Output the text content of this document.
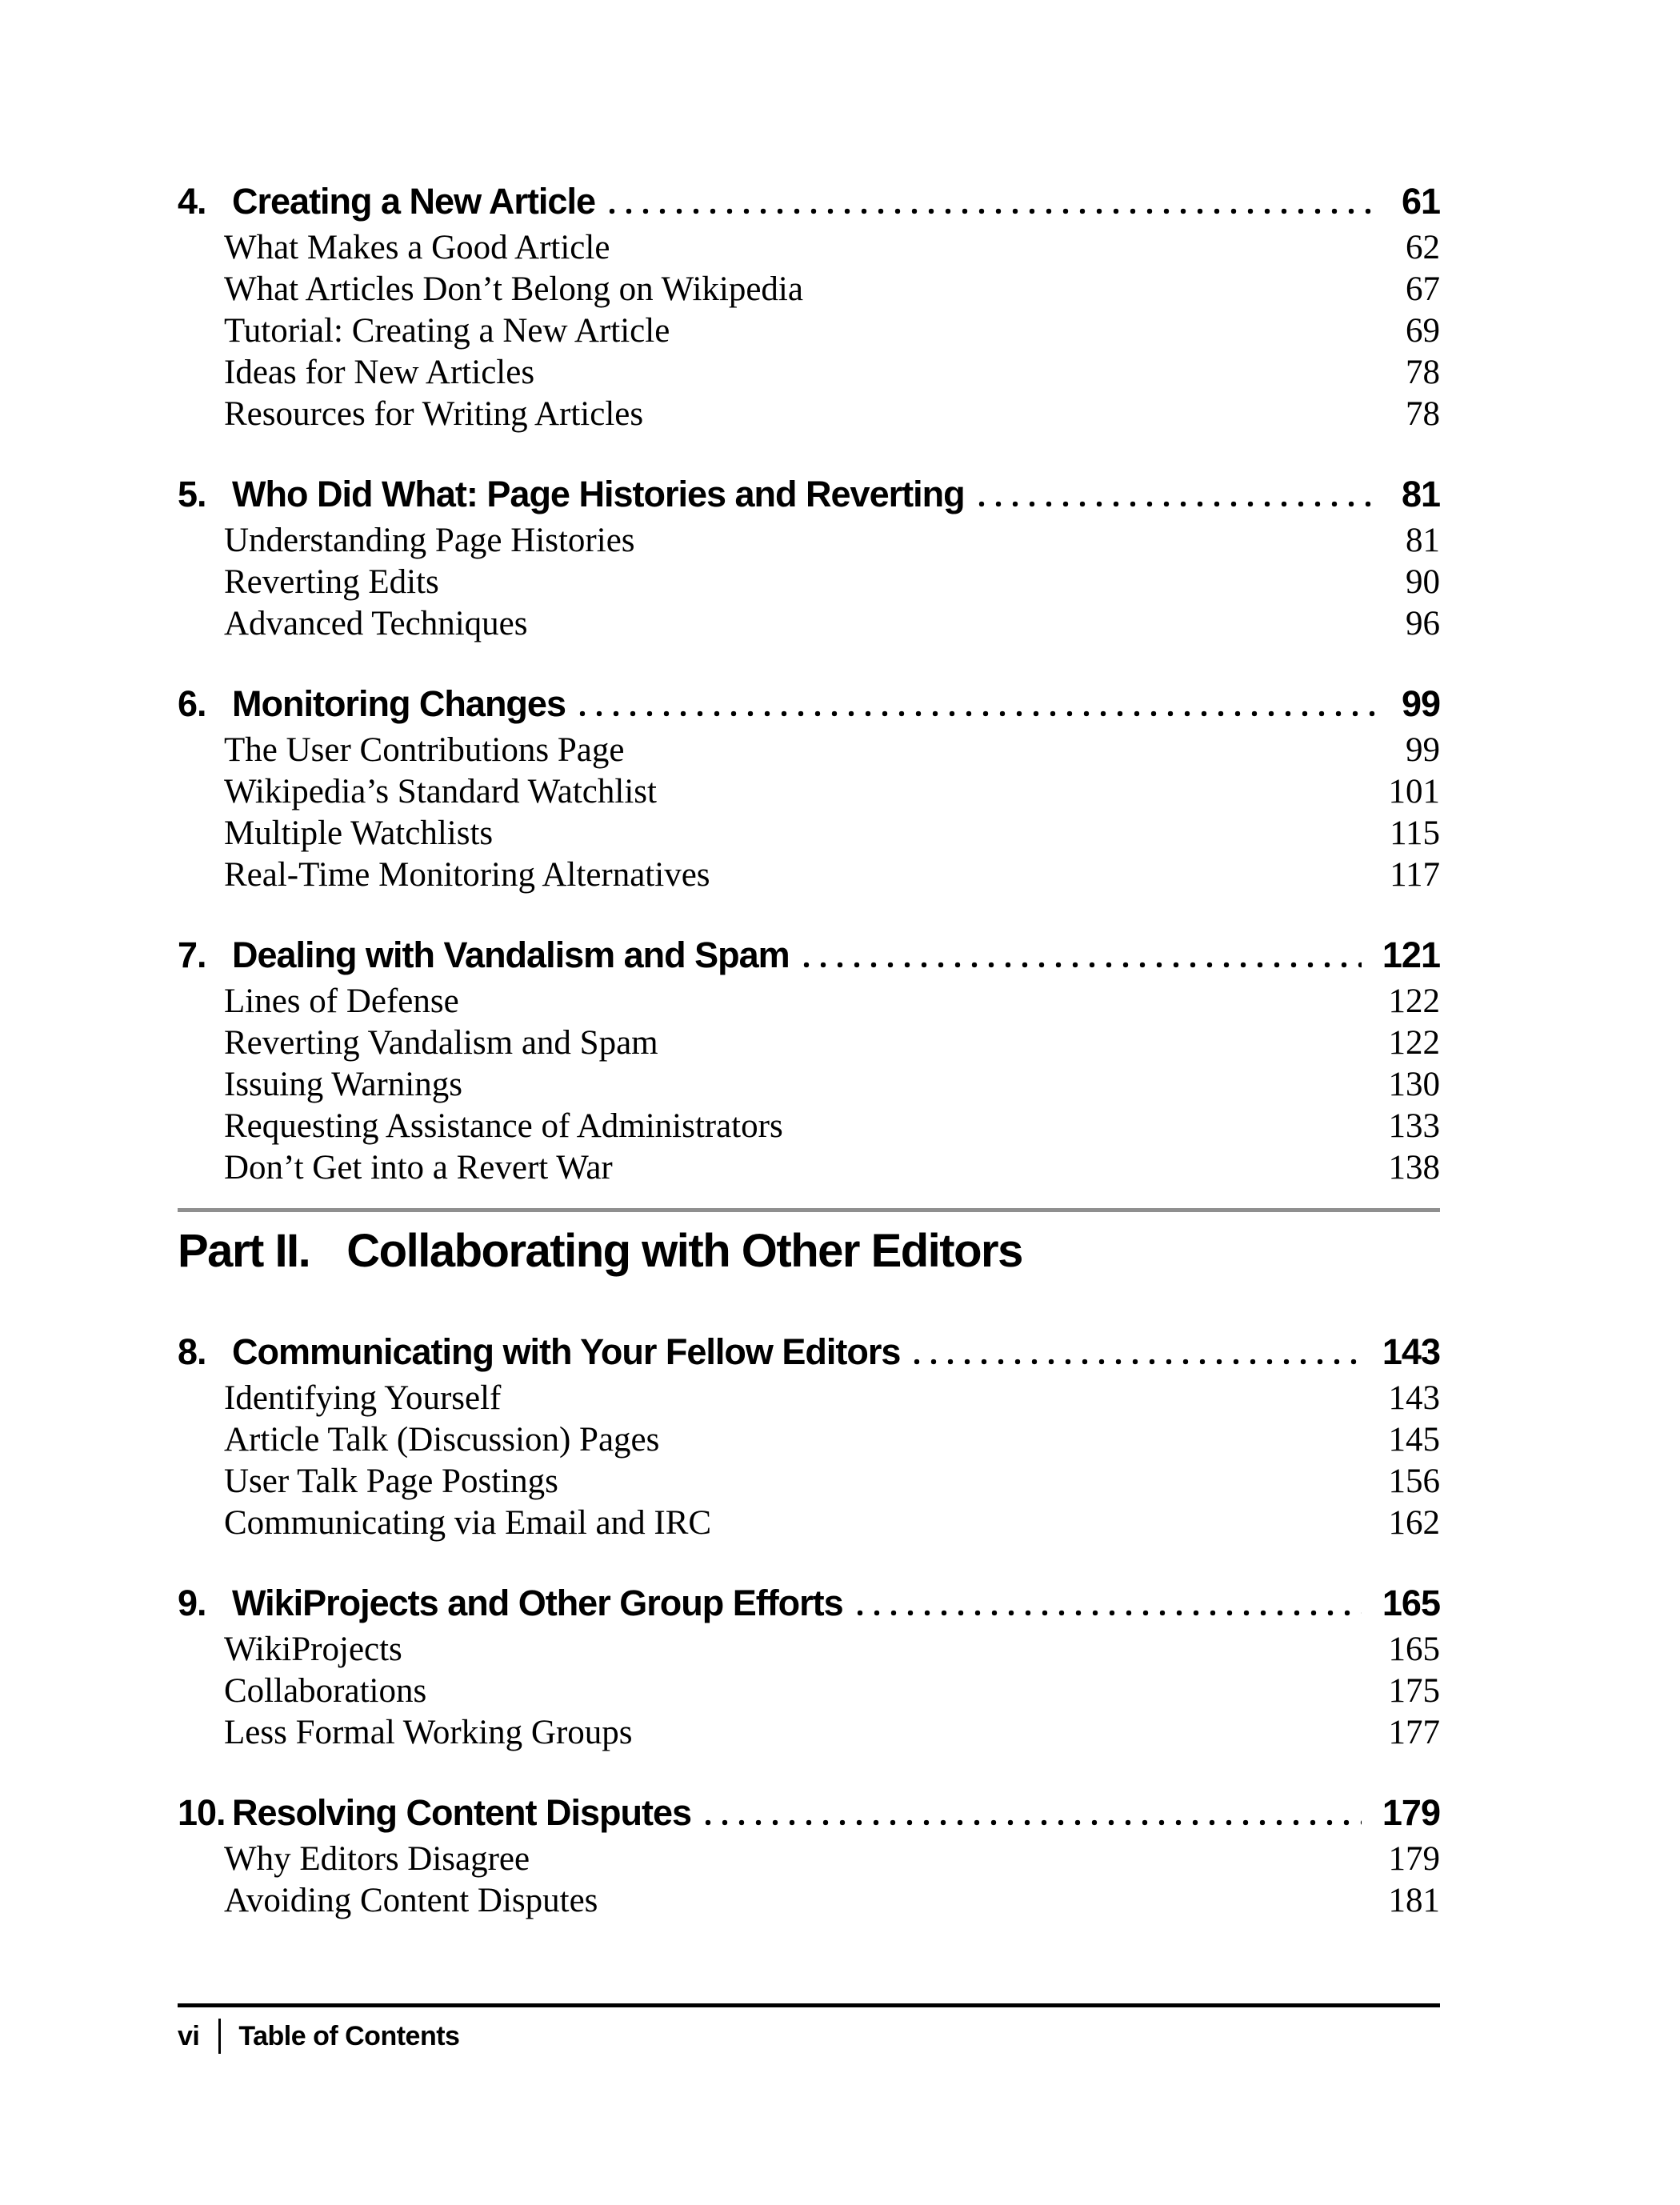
4. Creating a New Article	61
What Makes a Good Article	62
What Articles Don’t Belong on Wikipedia	67
Tutorial: Creating a New Article	69
Ideas for New Articles	78
Resources for Writing Articles	78
5. Who Did What: Page Histories and Reverting	81
Understanding Page Histories	81
Reverting Edits	90
Advanced Techniques	96
6. Monitoring Changes	99
The User Contributions Page	99
Wikipedia’s Standard Watchlist	101
Multiple Watchlists	115
Real-Time Monitoring Alternatives	117
7. Dealing with Vandalism and Spam	121
Lines of Defense	122
Reverting Vandalism and Spam	122
Issuing Warnings	130
Requesting Assistance of Administrators	133
Don’t Get into a Revert War	138
Part II. Collaborating with Other Editors
8. Communicating with Your Fellow Editors	143
Identifying Yourself	143
Article Talk (Discussion) Pages	145
User Talk Page Postings	156
Communicating via Email and IRC	162
9. WikiProjects and Other Group Efforts	165
WikiProjects	165
Collaborations	175
Less Formal Working Groups	177
10. Resolving Content Disputes	179
Why Editors Disagree	179
Avoiding Content Disputes	181
vi Table of Contents
